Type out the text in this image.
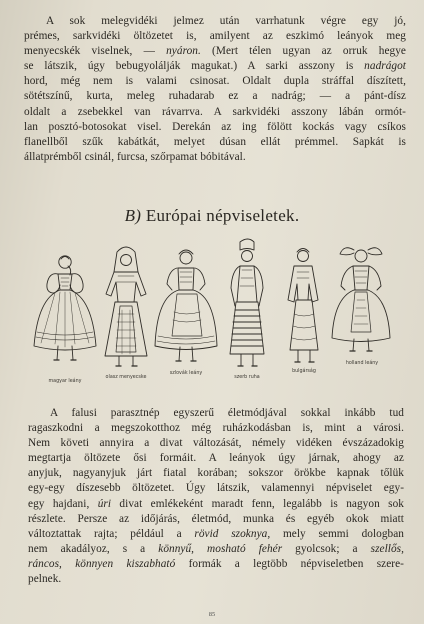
A sok melegvidéki jelmez után varrhatunk végre egy jó,
prémes, sarkvidéki öltözetet is, amilyent az eszkimó leányok meg
menyecskék viselnek, — nyáron. (Mert télen ugyan az orruk hegye
se látszik, úgy bebugyolálják magukat.) A sarki asszony is nadrágot
hord, még nem is valami csinosat. Oldalt dupla stráffal díszített,
sötétszínű, kurta, meleg ruhadarab ez a nadrág; — a pánt-dísz
oldalt a zsebekkel van rávarrva. A sarkvidéki asszony lábán ormót-
lan posztó-botosokat visel. Derekán az ing fölött kockás vagy csíkos
flanellből szűk kabátkát, melyet dúsan ellát prémmel. Sapkát is
állatprémből csinál, furcsa, szőrpamat bóbitával.
B) Európai népviseletek.
magyar leány
olasz menyecske
szlovák leány
szerb ruha
bulgárság
holland leány
A falusi parasztnép egyszerű életmódjával sokkal inkább tud
ragaszkodni a megszokotthoz még ruházkodásban is, mint a városi.
Nem követi annyira a divat változását, némely vidéken évszázadokig
megtartja öltözete ősi formáit. A leányok úgy járnak, ahogy az
anyjuk, nagyanyjuk járt fiatal korában; sokszor örökbe kapnak tőlük
egy-egy díszesebb öltözetet. Úgy látszik, valamennyi népviselet egy-
egy hajdani, úri divat emlékeként maradt fenn, legalább is nagyon sok
részlete. Persze az időjárás, életmód, munka és egyéb okok miatt
változtattak rajta; például a rövid szoknya, mely semmi dologban
nem akadályoz, s a könnyű, mosható fehér gyolcsok; a szellős,
ráncos, könnyen kiszabható formák a legtöbb népviseletben szere-
pelnek.
85
